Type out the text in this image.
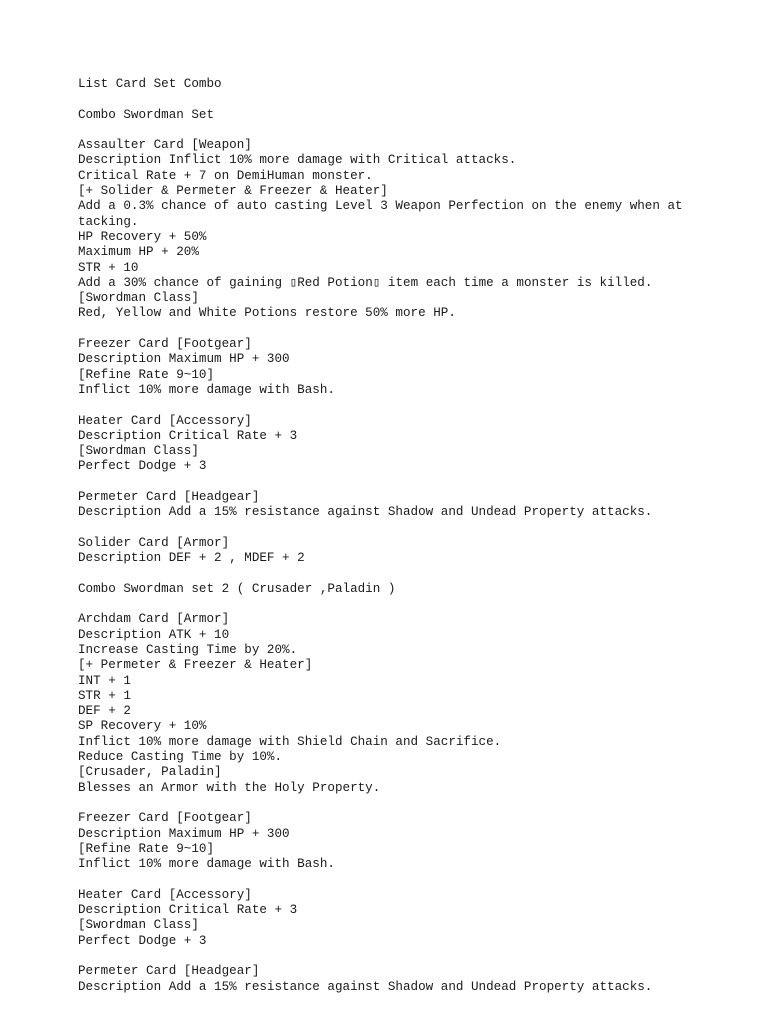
List Card Set Combo
Combo Swordman Set
Assaulter Card [Weapon]
Description Inflict 10% more damage with Critical attacks.
Critical Rate + 7 on DemiHuman monster.
[+ Solider & Permeter & Freezer & Heater]
Add a 0.3% chance of auto casting Level 3 Weapon Perfection on the enemy when at
tacking.
HP Recovery + 50%
Maximum HP + 20%
STR + 10
Add a 30% chance of gaining ▯Red Potion▯ item each time a monster is killed.
[Swordman Class]
Red, Yellow and White Potions restore 50% more HP.
Freezer Card [Footgear]
Description Maximum HP + 300
[Refine Rate 9~10]
Inflict 10% more damage with Bash.
Heater Card [Accessory]
Description Critical Rate + 3
[Swordman Class]
Perfect Dodge + 3
Permeter Card [Headgear]
Description Add a 15% resistance against Shadow and Undead Property attacks.
Solider Card [Armor]
Description DEF + 2 , MDEF + 2
Combo Swordman set 2 ( Crusader ,Paladin )
Archdam Card [Armor]
Description ATK + 10
Increase Casting Time by 20%.
[+ Permeter & Freezer & Heater]
INT + 1
STR + 1
DEF + 2
SP Recovery + 10%
Inflict 10% more damage with Shield Chain and Sacrifice.
Reduce Casting Time by 10%.
[Crusader, Paladin]
Blesses an Armor with the Holy Property.
Freezer Card [Footgear]
Description Maximum HP + 300
[Refine Rate 9~10]
Inflict 10% more damage with Bash.
Heater Card [Accessory]
Description Critical Rate + 3
[Swordman Class]
Perfect Dodge + 3
Permeter Card [Headgear]
Description Add a 15% resistance against Shadow and Undead Property attacks.
